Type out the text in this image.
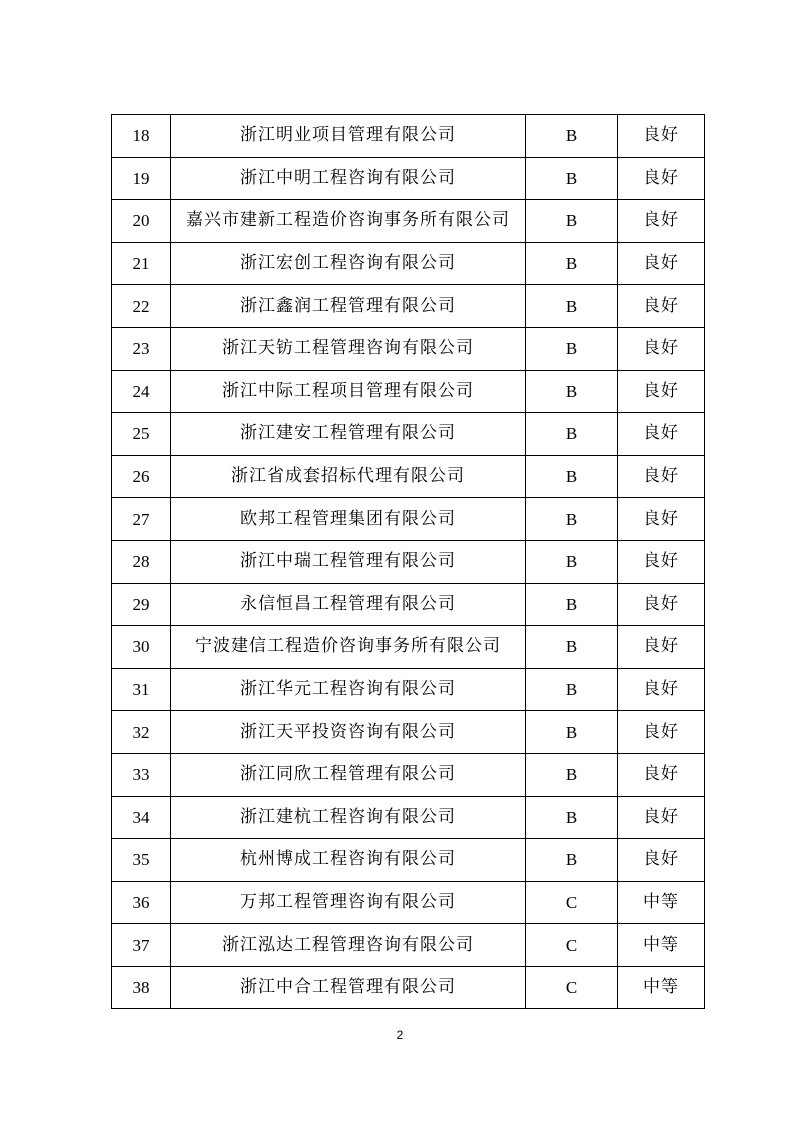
18	浙江明业项目管理有限公司	B	良好
19	浙江中明工程咨询有限公司	B	良好
20	嘉兴市建新工程造价咨询事务所有限公司	B	良好
21	浙江宏创工程咨询有限公司	B	良好
22	浙江鑫润工程管理有限公司	B	良好
23	浙江天钫工程管理咨询有限公司	B	良好
24	浙江中际工程项目管理有限公司	B	良好
25	浙江建安工程管理有限公司	B	良好
26	浙江省成套招标代理有限公司	B	良好
27	欧邦工程管理集团有限公司	B	良好
28	浙江中瑞工程管理有限公司	B	良好
29	永信恒昌工程管理有限公司	B	良好
30	宁波建信工程造价咨询事务所有限公司	B	良好
31	浙江华元工程咨询有限公司	B	良好
32	浙江天平投资咨询有限公司	B	良好
33	浙江同欣工程管理有限公司	B	良好
34	浙江建杭工程咨询有限公司	B	良好
35	杭州博成工程咨询有限公司	B	良好
36	万邦工程管理咨询有限公司	C	中等
37	浙江泓达工程管理咨询有限公司	C	中等
38	浙江中合工程管理有限公司	C	中等
2
